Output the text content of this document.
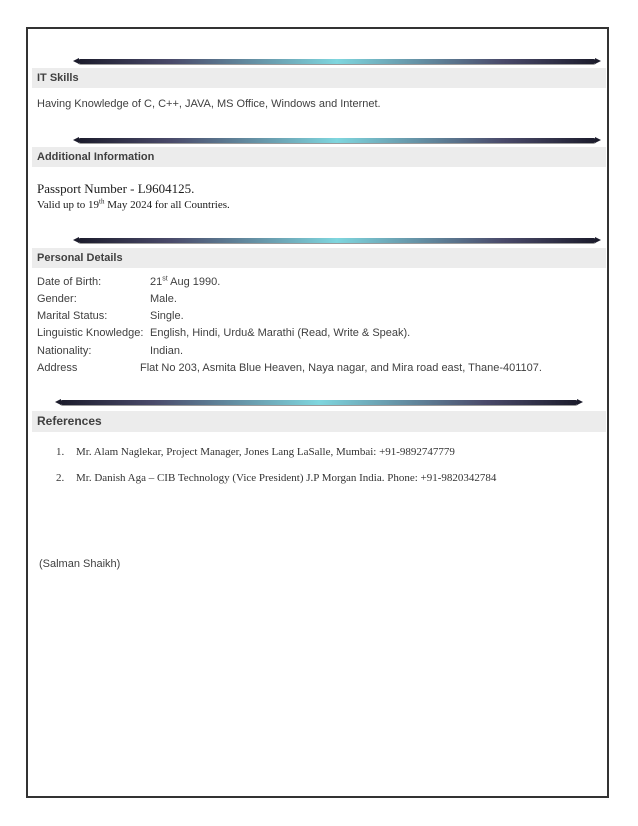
IT Skills
Having Knowledge of C, C++, JAVA, MS Office, Windows and Internet.
Additional Information
Passport Number - L9604125.
Valid up to 19th May 2024 for all Countries.
Personal Details
Date of Birth:	21st Aug 1990.
Gender:	Male.
Marital Status:	Single.
Linguistic Knowledge: English, Hindi, Urdu& Marathi (Read, Write & Speak).
Nationality:	Indian.
Address	Flat No 203, Asmita Blue Heaven, Naya nagar, and Mira road east, Thane-401107.
References
1. Mr. Alam Naglekar, Project Manager, Jones Lang LaSalle, Mumbai: +91-9892747779
2. Mr. Danish Aga – CIB Technology (Vice President) J.P Morgan India. Phone: +91-9820342784
(Salman Shaikh)
